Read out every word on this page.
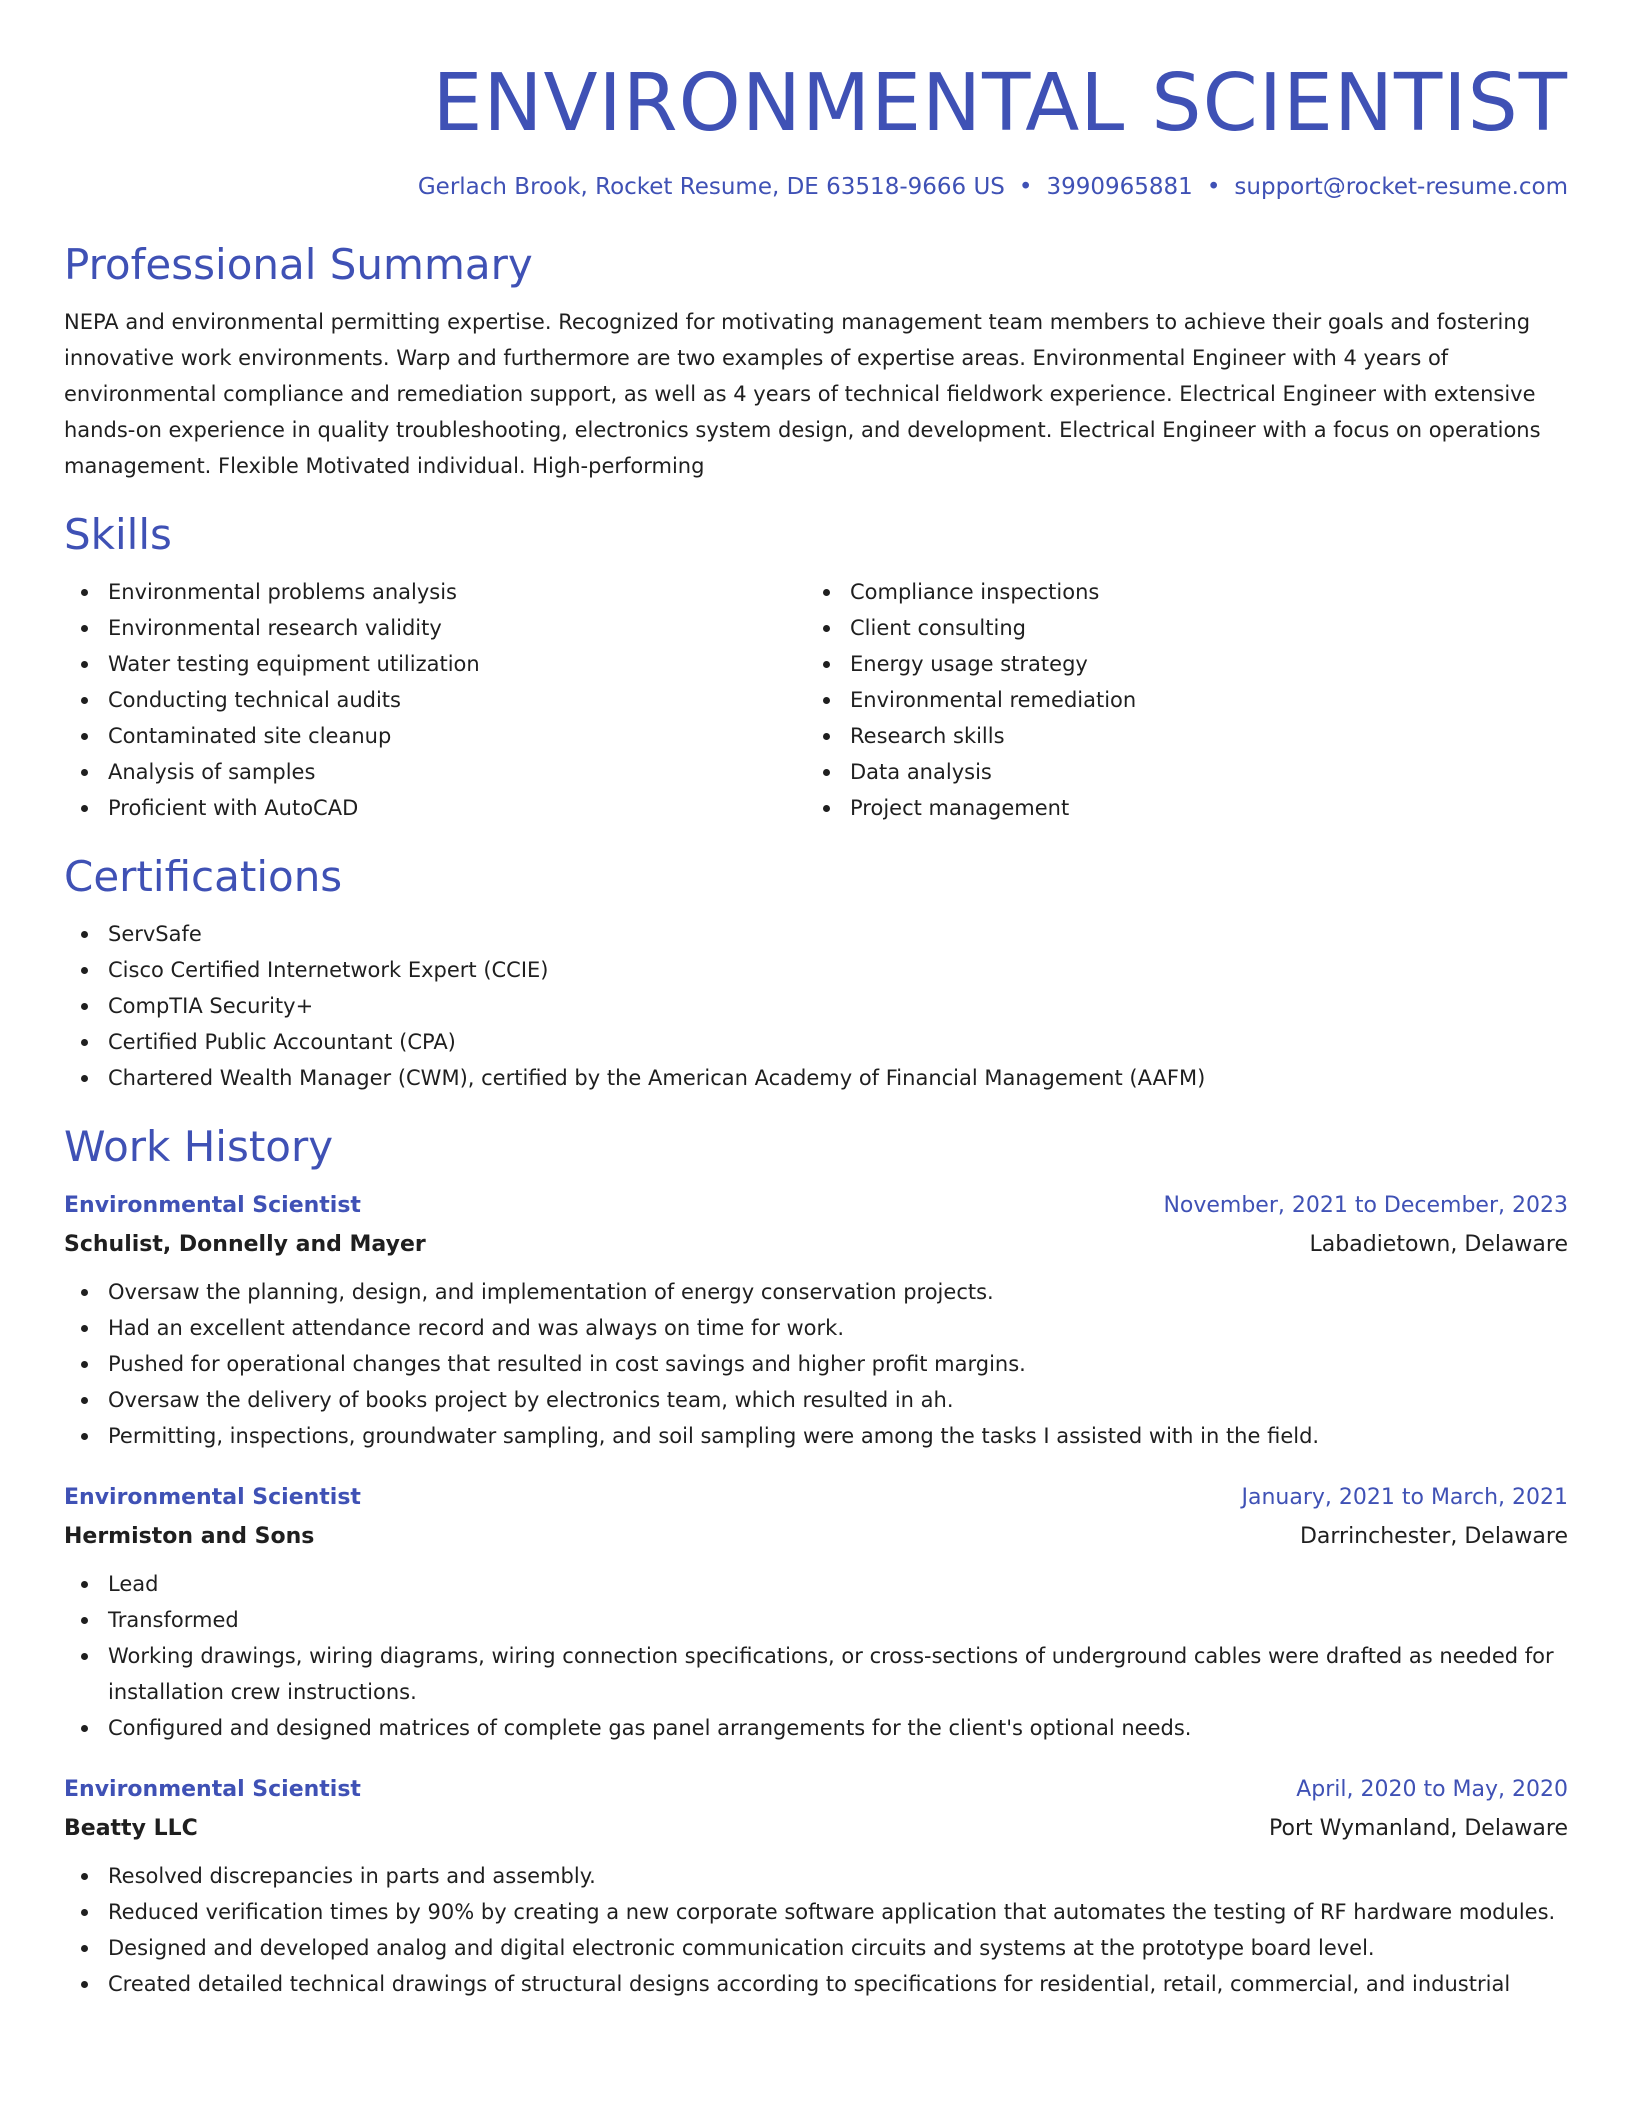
ENVIRONMENTAL SCIENTIST
Gerlach Brook, Rocket Resume, DE 63518-9666 US • 3990965881 • support@rocket-resume.com
Professional Summary

NEPA and environmental permitting expertise. Recognized for motivating management team members to achieve their goals and fostering innovative work environments. Warp and furthermore are two examples of expertise areas. Environmental Engineer with 4 years of environmental compliance and remediation support, as well as 4 years of technical fieldwork experience. Electrical Engineer with extensive hands-on experience in quality troubleshooting, electronics system design, and development. Electrical Engineer with a focus on operations management. Flexible Motivated individual. High-performing

Skills
Environmental problems analysis
Environmental research validity
Water testing equipment utilization
Conducting technical audits
Contaminated site cleanup
Analysis of samples
Proficient with AutoCAD
Compliance inspections
Client consulting
Energy usage strategy
Environmental remediation
Research skills
Data analysis
Project management
Certifications
ServSafe
Cisco Certified Internetwork Expert (CCIE)
CompTIA Security+
Certified Public Accountant (CPA)
Chartered Wealth Manager (CWM), certified by the American Academy of Financial Management (AAFM)
Work History
Environmental Scientist	November, 2021 to December, 2023
Schulist, Donnelly and Mayer	Labadietown, Delaware
Oversaw the planning, design, and implementation of energy conservation projects.
Had an excellent attendance record and was always on time for work.
Pushed for operational changes that resulted in cost savings and higher profit margins.
Oversaw the delivery of books project by electronics team, which resulted in ah.
Permitting, inspections, groundwater sampling, and soil sampling were among the tasks I assisted with in the field.
Environmental Scientist	January, 2021 to March, 2021
Hermiston and Sons	Darrinchester, Delaware
Lead
Transformed
Working drawings, wiring diagrams, wiring connection specifications, or cross-sections of underground cables were drafted as needed for installation crew instructions.
Configured and designed matrices of complete gas panel arrangements for the client's optional needs.
Environmental Scientist	April, 2020 to May, 2020
Beatty LLC	Port Wymanland, Delaware
Resolved discrepancies in parts and assembly.
Reduced verification times by 90% by creating a new corporate software application that automates the testing of RF hardware modules.
Designed and developed analog and digital electronic communication circuits and systems at the prototype board level.
Created detailed technical drawings of structural designs according to specifications for residential, retail, commercial, and industrial
